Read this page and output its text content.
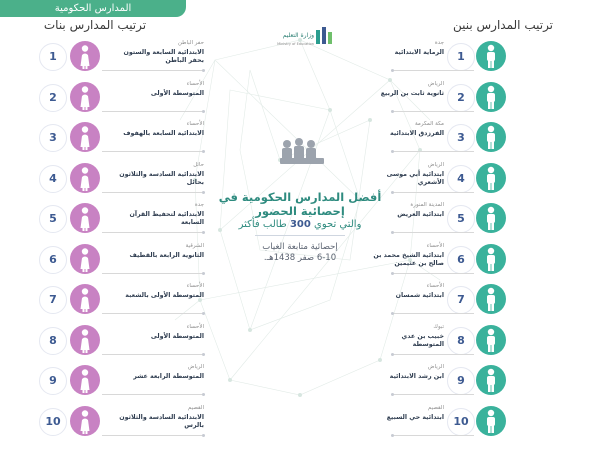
المدارس الحكومية
ترتيب المدارس بنات	ترتيب المدارس بنين
وزارة التعليم
Ministry of Education
1
حفر الباطن
الابتدائية السابعة والستون بحفر الباطن
2
الأحساء
المتوسطة الأولى
3
الأحساء
الابتدائية السابعة بالهفوف
4
حائل
الابتدائية السادسة والثلاثون بحائل
5
جدة
الابتدائية لتحفيظ القرآن السابعة
6
الشرقية
الثانوية الرابعة بالقطيف
7
الأحساء
المتوسطة الأولى بالشعبة
8
الأحساء
المتوسطة الأولى
9
الرياض
المتوسطة الرابعة عشر
10
القصيم
الابتدائية السادسة والثلاثون بالرس
1
جدة
الرماية الابتدائية
2
الرياض
ثانوية ثابت بن الربيع
3
مكة المكرمة
الفرزدق الابتدائية
4
الرياض
ابتدائية أبي موسى الأشعري
5
المدينة المنورة
ابتدائية العريض
6
الأحساء
ابتدائية الشيخ محمد بن صالح بن عثيمين
7
الأحساء
ابتدائية شمسان
8
تبوك
خبيب بن عدي المتوسطة
9
الرياض
ابن رشد الابتدائية
10
القصيم
ابتدائية حي السبيع
أفضل المدارس الحكومية في
إحصائية الحضور
والتي تحوي 300 طالب فأكثر
إحصائية متابعة الغياب
6-10 صفر 1438هـ.
